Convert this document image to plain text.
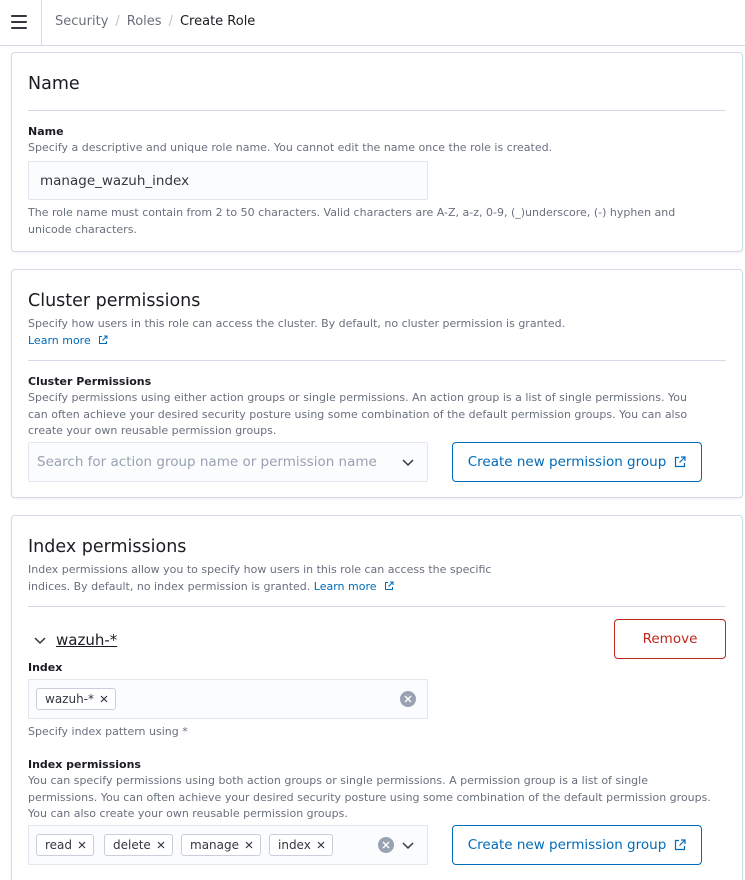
Security / Roles / Create Role
Name
Name
Specify a descriptive and unique role name. You cannot edit the name once the role is created.
manage_wazuh_index
The role name must contain from 2 to 50 characters. Valid characters are A-Z, a-z, 0-9, (_)underscore, (-) hyphen and unicode characters.
Cluster permissions
Specify how users in this role can access the cluster. By default, no cluster permission is granted.
Learn more
Cluster Permissions
Specify permissions using either action groups or single permissions. An action group is a list of single permissions. You can often achieve your desired security posture using some combination of the default permission groups. You can also create your own reusable permission groups.
Search for action group name or permission name	Create new permission group
Index permissions
Index permissions allow you to specify how users in this role can access the specific indices. By default, no index permission is granted. Learn more
wazuh-*	Remove
Index
wazuh-*
Specify index pattern using *
Index permissions
You can specify permissions using both action groups or single permissions. A permission group is a list of single permissions. You can often achieve your desired security posture using some combination of the default permission groups. You can also create your own reusable permission groups.
read	delete	manage	index	Create new permission group
